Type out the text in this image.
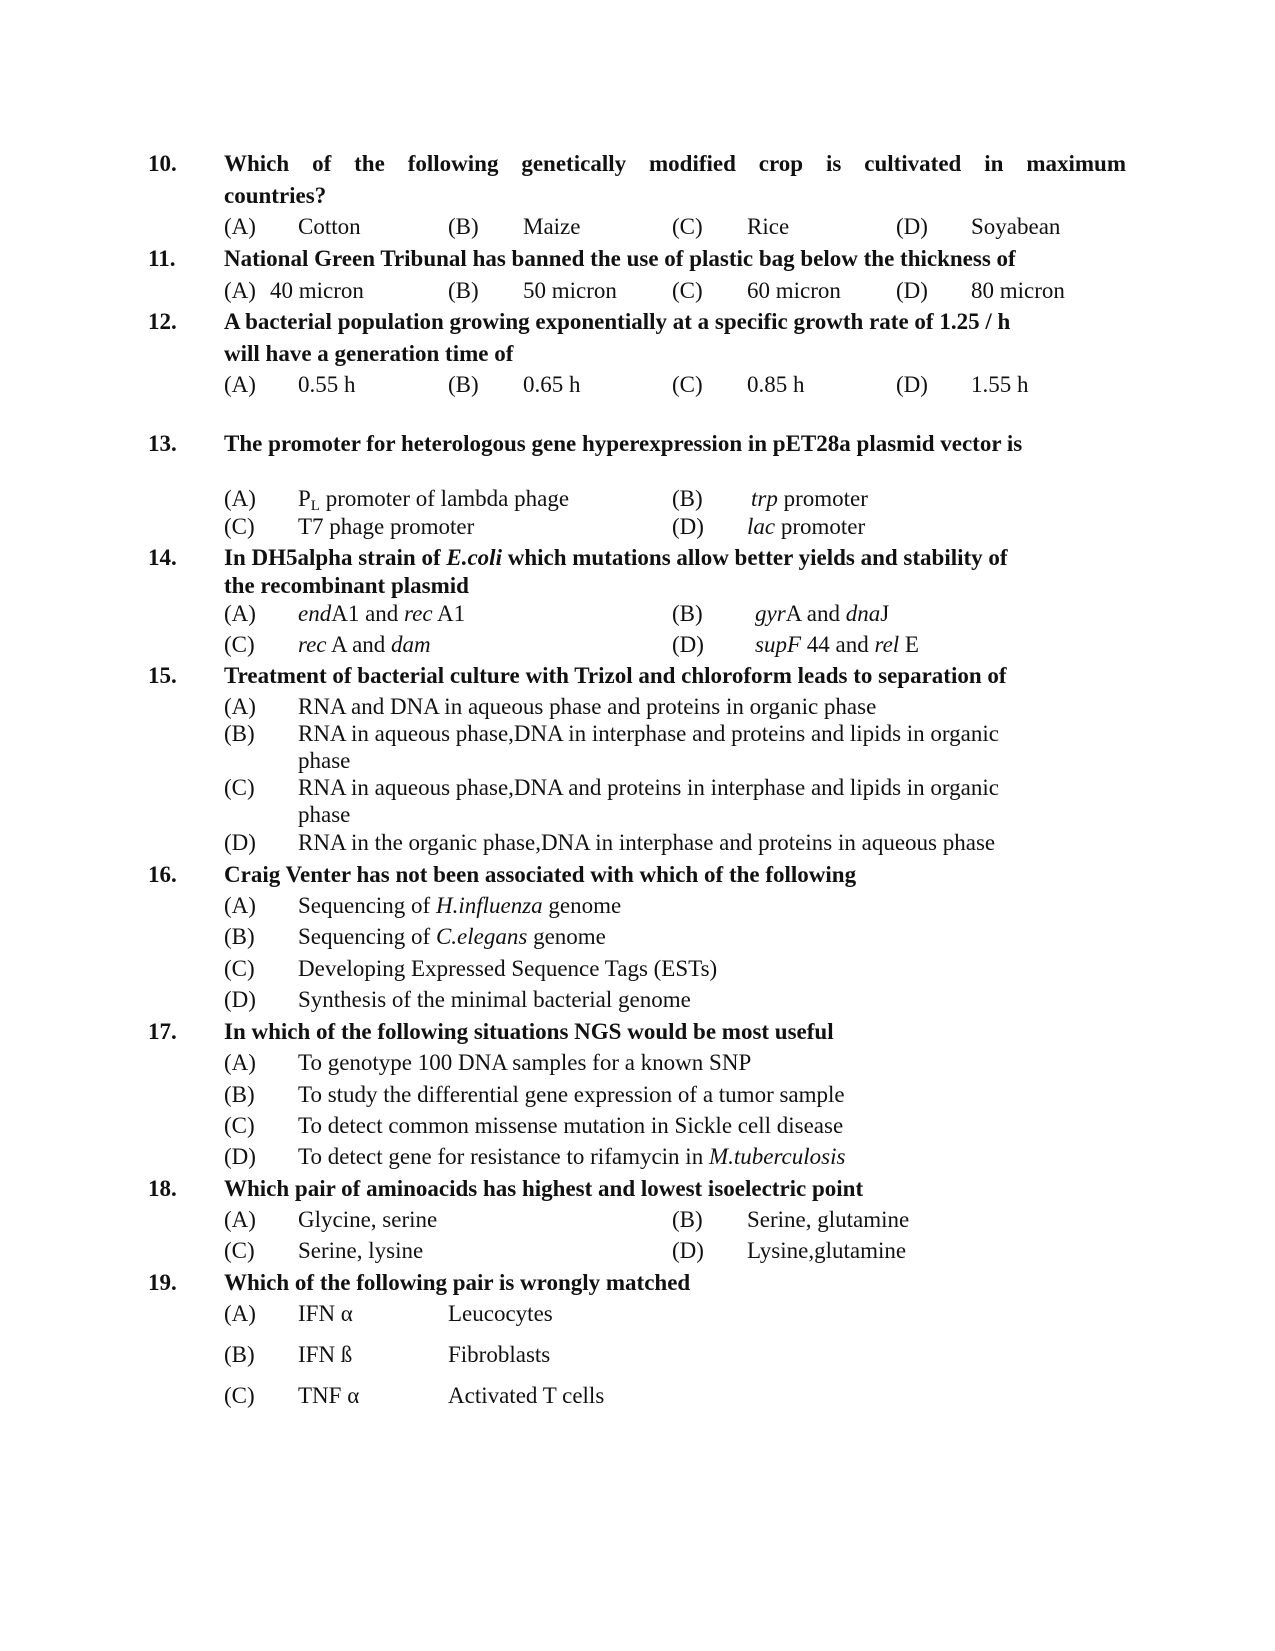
10. Which of the following genetically modified crop is cultivated in maximum
countries?
(A) Cotton	(B) Maize	(C) Rice	(D) Soyabean
11. National Green Tribunal has banned the use of plastic bag below the thickness of
(A) 40 micron	(B) 50 micron (C) 60 micron (D) 80 micron
12. A bacterial population growing exponentially at a specific growth rate of 1.25 / h
will have a generation time of
(A) 0.55 h	(B) 0.65 h	(C) 0.85 h	(D) 1.55 h
13. The promoter for heterologous gene hyperexpression in pET28a plasmid vector is
(A) $P_L$ promoter of lambda phage	(B) trp promoter
(C) T7 phage promoter	(D) lac promoter
14. In DH5alpha strain of E.coli which mutations allow better yields and stability of
the recombinant plasmid
(A) endA1 and rec A1	(B) gyrA and dnaJ
(C) rec A and dam	(D) supF 44 and rel E
15. Treatment of bacterial culture with Trizol and chloroform leads to separation of
(A) RNA and DNA in aqueous phase and proteins in organic phase
(B) RNA in aqueous phase,DNA in interphase and proteins and lipids in organic
phase
(C) RNA in aqueous phase,DNA and proteins in interphase and lipids in organic
phase
(D) RNA in the organic phase,DNA in interphase and proteins in aqueous phase
16. Craig Venter has not been associated with which of the following
(A) Sequencing of H.influenza genome
(B) Sequencing of C.elegans genome
(C) Developing Expressed Sequence Tags (ESTs)
(D) Synthesis of the minimal bacterial genome
17. In which of the following situations NGS would be most useful
(A) To genotype 100 DNA samples for a known SNP
(B) To study the differential gene expression of a tumor sample
(C) To detect common missense mutation in Sickle cell disease
(D) To detect gene for resistance to rifamycin in M.tuberculosis
18. Which pair of aminoacids has highest and lowest isoelectric point
(A) Glycine, serine	(B) Serine, glutamine
(C) Serine, lysine	(D) Lysine,glutamine
19. Which of the following pair is wrongly matched
(A) IFN α	Leucocytes
(B) IFN ß	Fibroblasts
(C) TNF α	Activated T cells
